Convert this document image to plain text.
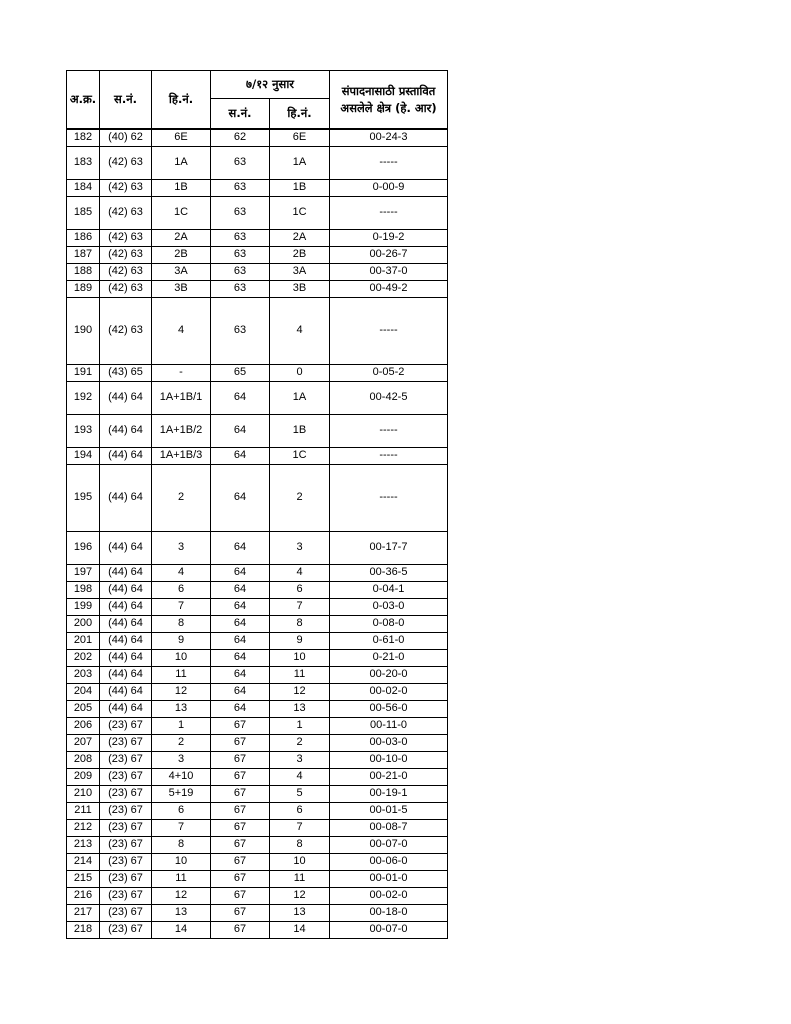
अ.क्र.	स.नं.	हि.नं.	७/१२ नुसार		संपादनासाठी प्रस्तावित असलेले क्षेत्र (हे. आर)
			स.नं.	हि.नं.	
182	(40) 62	6E	62	6E	00-24-3
183	(42) 63	1A	63	1A	-----
184	(42) 63	1B	63	1B	0-00-9
185	(42) 63	1C	63	1C	-----
186	(42) 63	2A	63	2A	0-19-2
187	(42) 63	2B	63	2B	00-26-7
188	(42) 63	3A	63	3A	00-37-0
189	(42) 63	3B	63	3B	00-49-2
190	(42) 63	4	63	4	-----
191	(43) 65	-	65	0	0-05-2
192	(44) 64	1A+1B/1	64	1A	00-42-5
193	(44) 64	1A+1B/2	64	1B	-----
194	(44) 64	1A+1B/3	64	1C	-----
195	(44) 64	2	64	2	-----
196	(44) 64	3	64	3	00-17-7
197	(44) 64	4	64	4	00-36-5
198	(44) 64	6	64	6	0-04-1
199	(44) 64	7	64	7	0-03-0
200	(44) 64	8	64	8	0-08-0
201	(44) 64	9	64	9	0-61-0
202	(44) 64	10	64	10	0-21-0
203	(44) 64	11	64	11	00-20-0
204	(44) 64	12	64	12	00-02-0
205	(44) 64	13	64	13	00-56-0
206	(23) 67	1	67	1	00-11-0
207	(23) 67	2	67	2	00-03-0
208	(23) 67	3	67	3	00-10-0
209	(23) 67	4+10	67	4	00-21-0
210	(23) 67	5+19	67	5	00-19-1
211	(23) 67	6	67	6	00-01-5
212	(23) 67	7	67	7	00-08-7
213	(23) 67	8	67	8	00-07-0
214	(23) 67	10	67	10	00-06-0
215	(23) 67	11	67	11	00-01-0
216	(23) 67	12	67	12	00-02-0
217	(23) 67	13	67	13	00-18-0
218	(23) 67	14	67	14	00-07-0
